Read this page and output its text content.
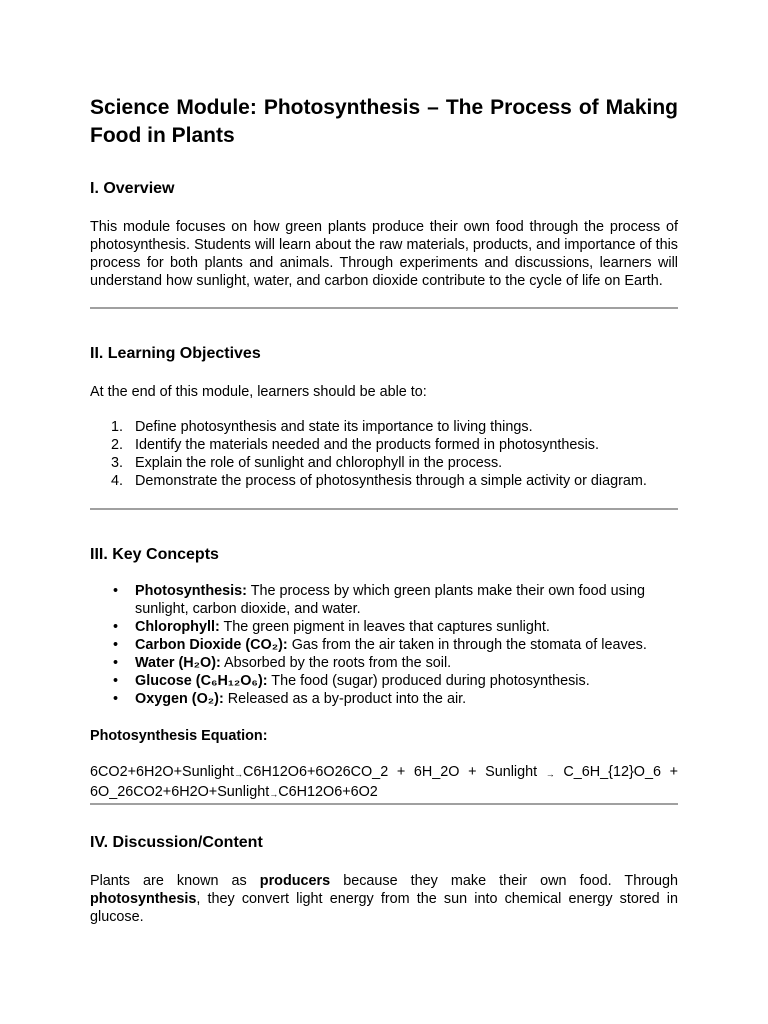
Science Module: Photosynthesis – The Process of Making Food in Plants
I. Overview

This module focuses on how green plants produce their own food through the process of photosynthesis. Students will learn about the raw materials, products, and importance of this process for both plants and animals. Through experiments and discussions, learners will understand how sunlight, water, and carbon dioxide contribute to the cycle of life on Earth.

II. Learning Objectives

At the end of this module, learners should be able to:

1. Define photosynthesis and state its importance to living things.
2. Identify the materials needed and the products formed in photosynthesis.
3. Explain the role of sunlight and chlorophyll in the process.
4. Demonstrate the process of photosynthesis through a simple activity or diagram.
III. Key Concepts
• Photosynthesis: The process by which green plants make their own food using sunlight, carbon dioxide, and water.
• Chlorophyll: The green pigment in leaves that captures sunlight.
• Carbon Dioxide (CO₂): Gas from the air taken in through the stomata of leaves.
• Water (H₂O): Absorbed by the roots from the soil.
• Glucose (C₆H₁₂O₆): The food (sugar) produced during photosynthesis.
• Oxygen (O₂): Released as a by-product into the air.

Photosynthesis Equation:

6CO2+6H2O+Sunlight→C6H12O6+6O26CO_2 + 6H_2O + Sunlight → C_6H_{12}O_6 + 6O_26CO2+6H2O+Sunlight→C6H12O6+6O2

IV. Discussion/Content

Plants are known as producers because they make their own food. Through photosynthesis, they convert light energy from the sun into chemical energy stored in glucose.
